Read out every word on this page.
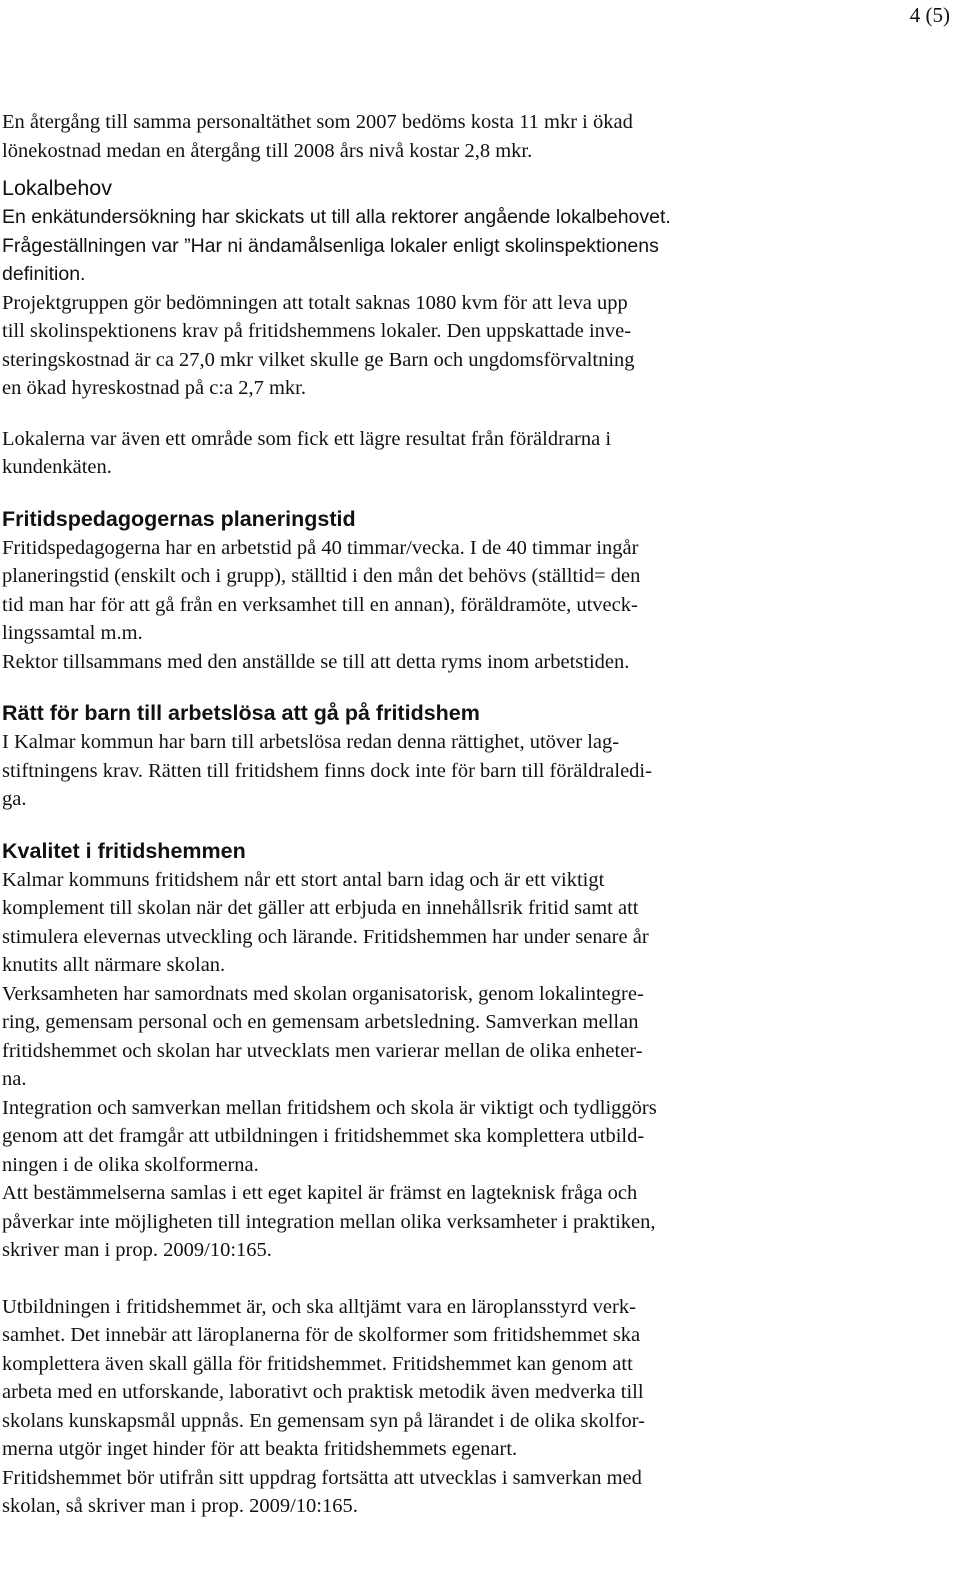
4 (5)
En återgång till samma personaltäthet som 2007 bedöms kosta 11 mkr i ökad
lönekostnad medan en återgång till 2008 års nivå kostar 2,8 mkr.
Lokalbehov
En enkätundersökning har skickats ut till alla rektorer angående lokalbehovet.
Frågeställningen var ”Har ni ändamålsenliga lokaler enligt skolinspektionens
definition.
Projektgruppen gör bedömningen att totalt saknas 1080 kvm för att leva upp
till skolinspektionens krav på fritidshemmens lokaler. Den uppskattade inve-
steringskostnad är ca 27,0 mkr vilket skulle ge Barn och ungdomsförvaltning
en ökad hyreskostnad på c:a 2,7 mkr.
Lokalerna var även ett område som fick ett lägre resultat från föräldrarna i
kundenkäten.
Fritidspedagogernas planeringstid
Fritidspedagogerna har en arbetstid på 40 timmar/vecka. I de 40 timmar ingår
planeringstid (enskilt och i grupp), ställtid i den mån det behövs (ställtid= den
tid man har för att gå från en verksamhet till en annan), föräldramöte, utveck-
lingssamtal m.m.
Rektor tillsammans med den anställde se till att detta ryms inom arbetstiden.
Rätt för barn till arbetslösa att gå på fritidshem
I Kalmar kommun har barn till arbetslösa redan denna rättighet, utöver lag-
stiftningens krav. Rätten till fritidshem finns dock inte för barn till föräldraledi-
ga.
Kvalitet i fritidshemmen
Kalmar kommuns fritidshem når ett stort antal barn idag och är ett viktigt
komplement till skolan när det gäller att erbjuda en innehållsrik fritid samt att
stimulera elevernas utveckling och lärande. Fritidshemmen har under senare år
knutits allt närmare skolan.
Verksamheten har samordnats med skolan organisatorisk, genom lokalintegre-
ring, gemensam personal och en gemensam arbetsledning. Samverkan mellan
fritidshemmet och skolan har utvecklats men varierar mellan de olika enheter-
na.
Integration och samverkan mellan fritidshem och skola är viktigt och tydliggörs
genom att det framgår att utbildningen i fritidshemmet ska komplettera utbild-
ningen i de olika skolformerna.
Att bestämmelserna samlas i ett eget kapitel är främst en lagteknisk fråga och
påverkar inte möjligheten till integration mellan olika verksamheter i praktiken,
skriver man i prop. 2009/10:165.
Utbildningen i fritidshemmet är, och ska alltjämt vara en läroplansstyrd verk-
samhet. Det innebär att läroplanerna för de skolformer som fritidshemmet ska
komplettera även skall gälla för fritidshemmet. Fritidshemmet kan genom att
arbeta med en utforskande, laborativt och praktisk metodik även medverka till
skolans kunskapsmål uppnås. En gemensam syn på lärandet i de olika skolfor-
merna utgör inget hinder för att beakta fritidshemmets egenart.
Fritidshemmet bör utifrån sitt uppdrag fortsätta att utvecklas i samverkan med
skolan, så skriver man i prop. 2009/10:165.
